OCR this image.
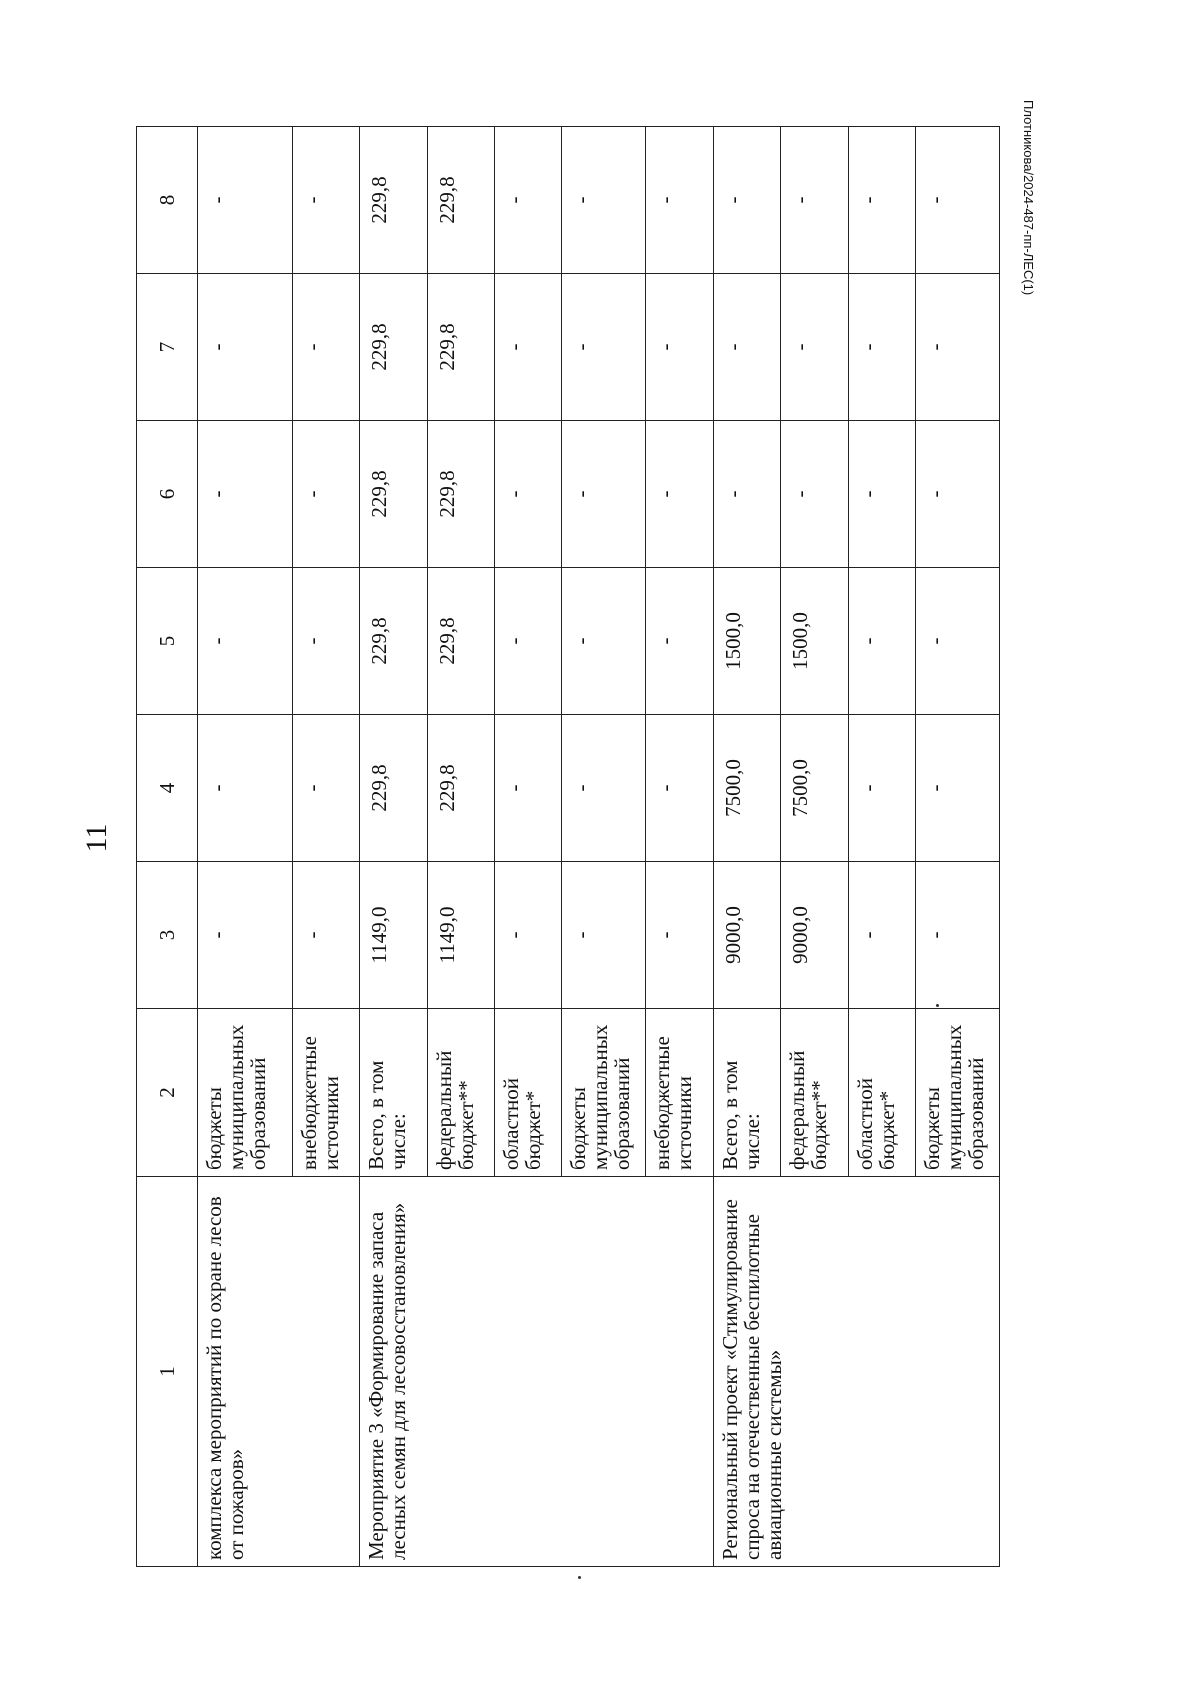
11
Плотникова/2024-487-пп-ЛЕС(1)
1	2	3	4	5	6	7	8
комплекса мероприятий по охране лесов от пожаров»	бюджеты муниципальных образований	-	-	-	-	-	-
	внебюджетные источники	-	-	-	-	-	-
Мероприятие 3 «Формирование запаса лесных семян для лесовосстановления»	Всего, в том числе:	1149,0	229,8	229,8	229,8	229,8	229,8
	федеральный бюджет**	1149,0	229,8	229,8	229,8	229,8	229,8
	областной бюджет*	-	-	-	-	-	-
	бюджеты муниципальных образований	-	-	-	-	-	-
	внебюджетные источники	-	-	-	-	-	-
Региональный проект «Стимулирование спроса на отечественные беспилотные авиационные системы»	Всего, в том числе:	9000,0	7500,0	1500,0	-	-	-
	федеральный бюджет**	9000,0	7500,0	1500,0	-	-	-
	областной бюджет*	-	-	-	-	-	-
	бюджеты муниципальных образований	-	-	-	-	-	-
